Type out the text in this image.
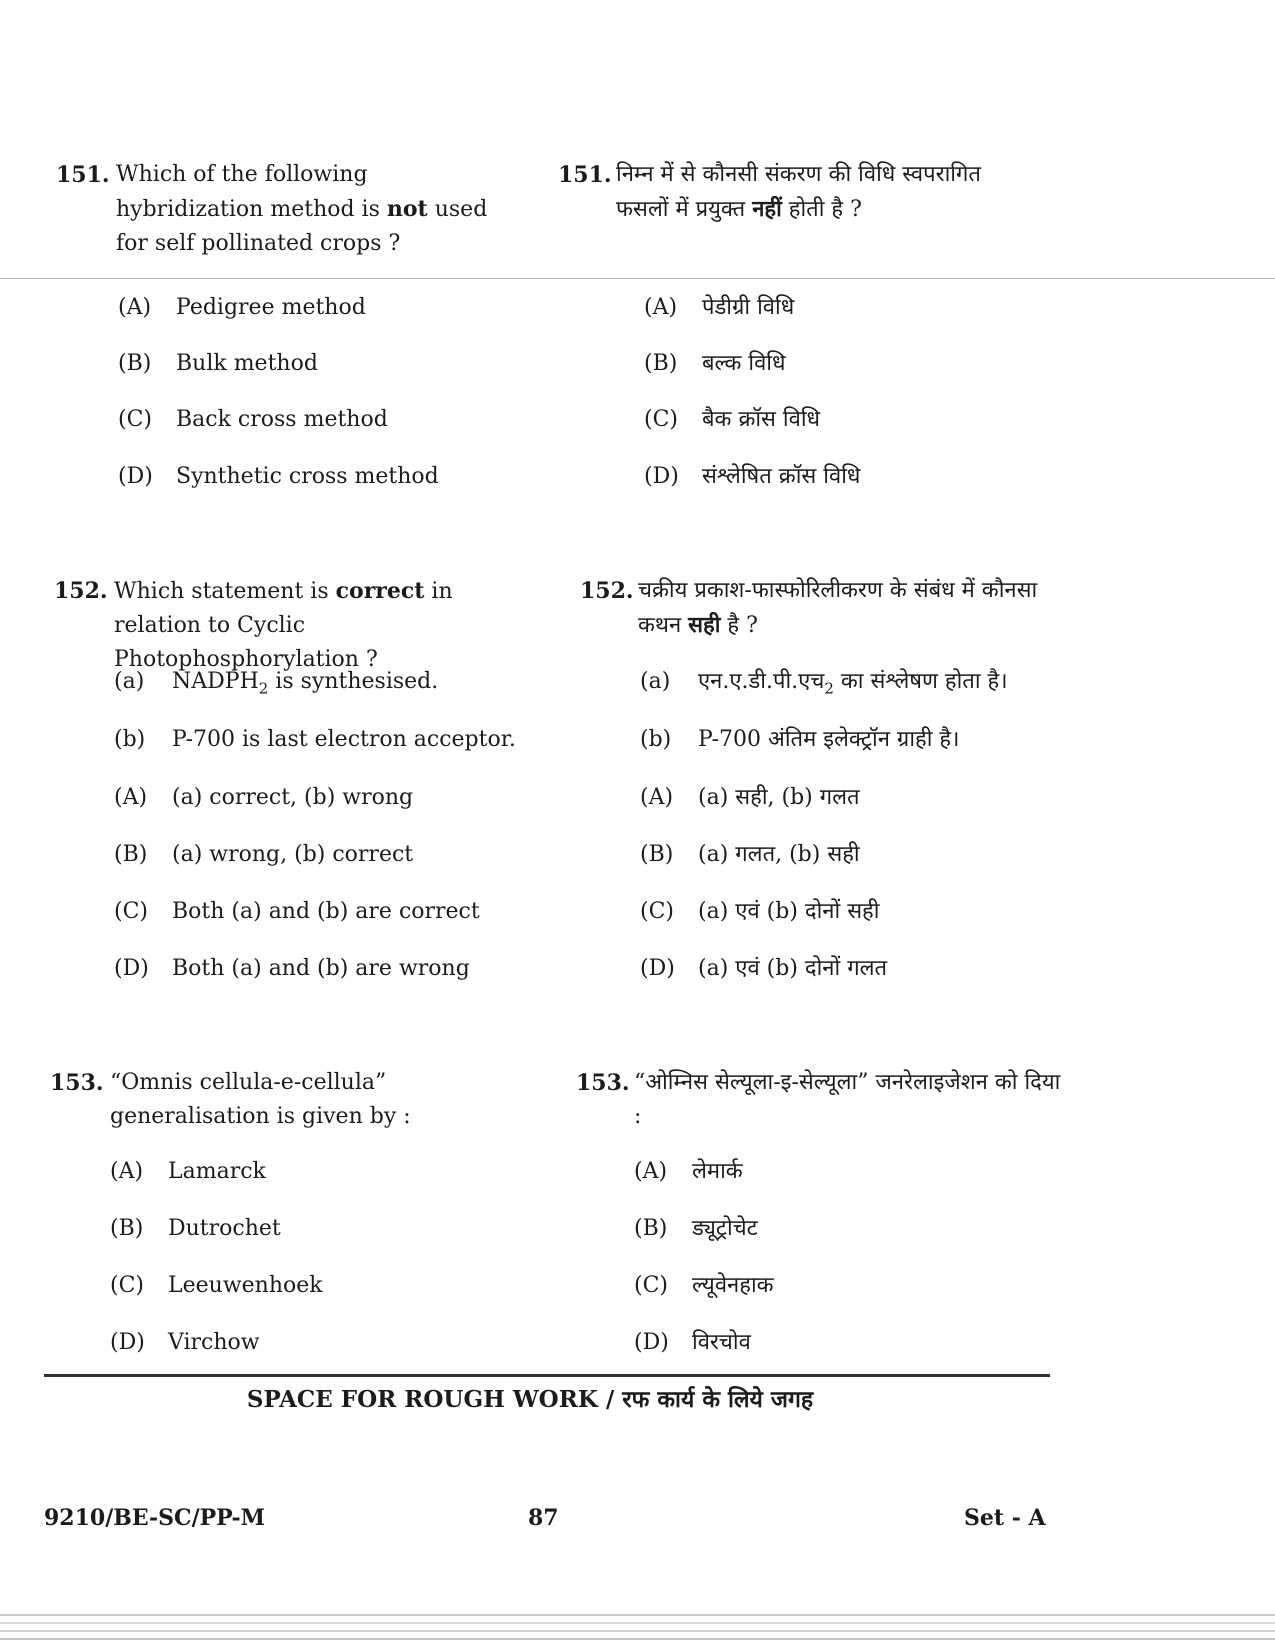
151. Which of the following hybridization method is not used for self pollinated crops ?
151. निम्न में से कौनसी संकरण की विधि स्वपरागित फसलों में प्रयुक्त नहीं होती है ?
(A) Pedigree method
(B) Bulk method
(C) Back cross method
(D) Synthetic cross method
(A) पेडीग्री विधि
(B) बल्क विधि
(C) बैक क्रॉस विधि
(D) संश्लेषित क्रॉस विधि
152. Which statement is correct in relation to Cyclic Photophosphorylation ?
152. चक्रीय प्रकाश-फास्फोरिलीकरण के संबंध में कौनसा कथन सही है ?
(a) $NADPH_2$ is synthesised.
(b) P-700 is last electron acceptor.
(A) (a) correct, (b) wrong
(B) (a) wrong, (b) correct
(C) Both (a) and (b) are correct
(D) Both (a) and (b) are wrong
(a) एन.ए.डी.पी.एच$_2$ का संश्लेषण होता है।
(b) P-700 अंतिम इलेक्ट्रॉन ग्राही है।
(A) (a) सही, (b) गलत
(B) (a) गलत, (b) सही
(C) (a) एवं (b) दोनों सही
(D) (a) एवं (b) दोनों गलत
153. “Omnis cellula-e-cellula” generalisation is given by :
153. “ओम्निस सेल्यूला-इ-सेल्यूला” जनरेलाइजेशन को दिया :
(A) Lamarck
(B) Dutrochet
(C) Leeuwenhoek
(D) Virchow
(A) लेमार्क
(B) ड्यूट्रोचेट
(C) ल्यूवेनहाक
(D) विरचोव
SPACE FOR ROUGH WORK / रफ कार्य के लिये जगह
9210/BE-SC/PP-M	87	Set - A
